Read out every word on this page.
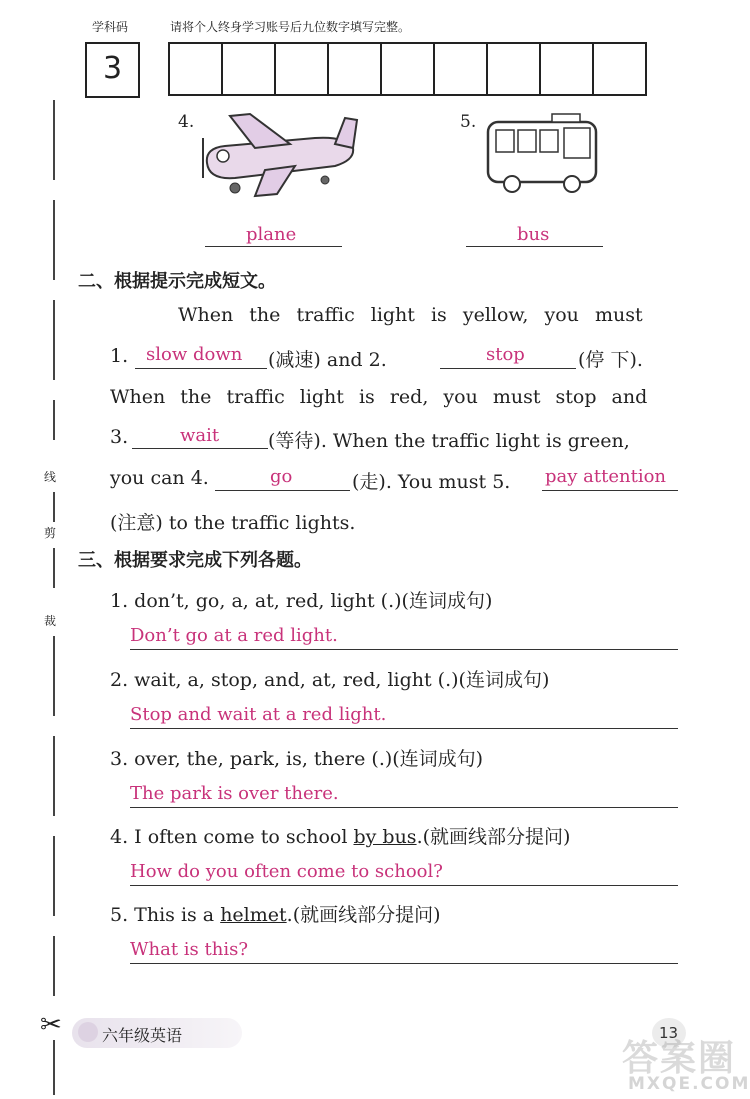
学科码	请将个人终身学习账号后九位数字填写完整。
3
线
剪
裁
✂
4.
plane
5.
bus
二、根据提示完成短文。
When the traffic light is yellow, you must
1. slow down (减速) and 2.	stop	(停 下).
When the traffic light is red, you must stop and
3.	wait	(等待). When the traffic light is green,
you can 4.	go	(走). You must 5. pay attention
(注意) to the traffic lights.
三、根据要求完成下列各题。
1. don’t, go, a, at, red, light (.)(连词成句)
Don’t go at a red light.
2. wait, a, stop, and, at, red, light (.)(连词成句)
Stop and wait at a red light.
3. over, the, park, is, there (.)(连词成句)
The park is over there.
4. I often come to school by bus.(就画线部分提问)
How do you often come to school?
5. This is a helmet.(就画线部分提问)
What is this?
六年级英语	13
答案圈
MXQE.COM
